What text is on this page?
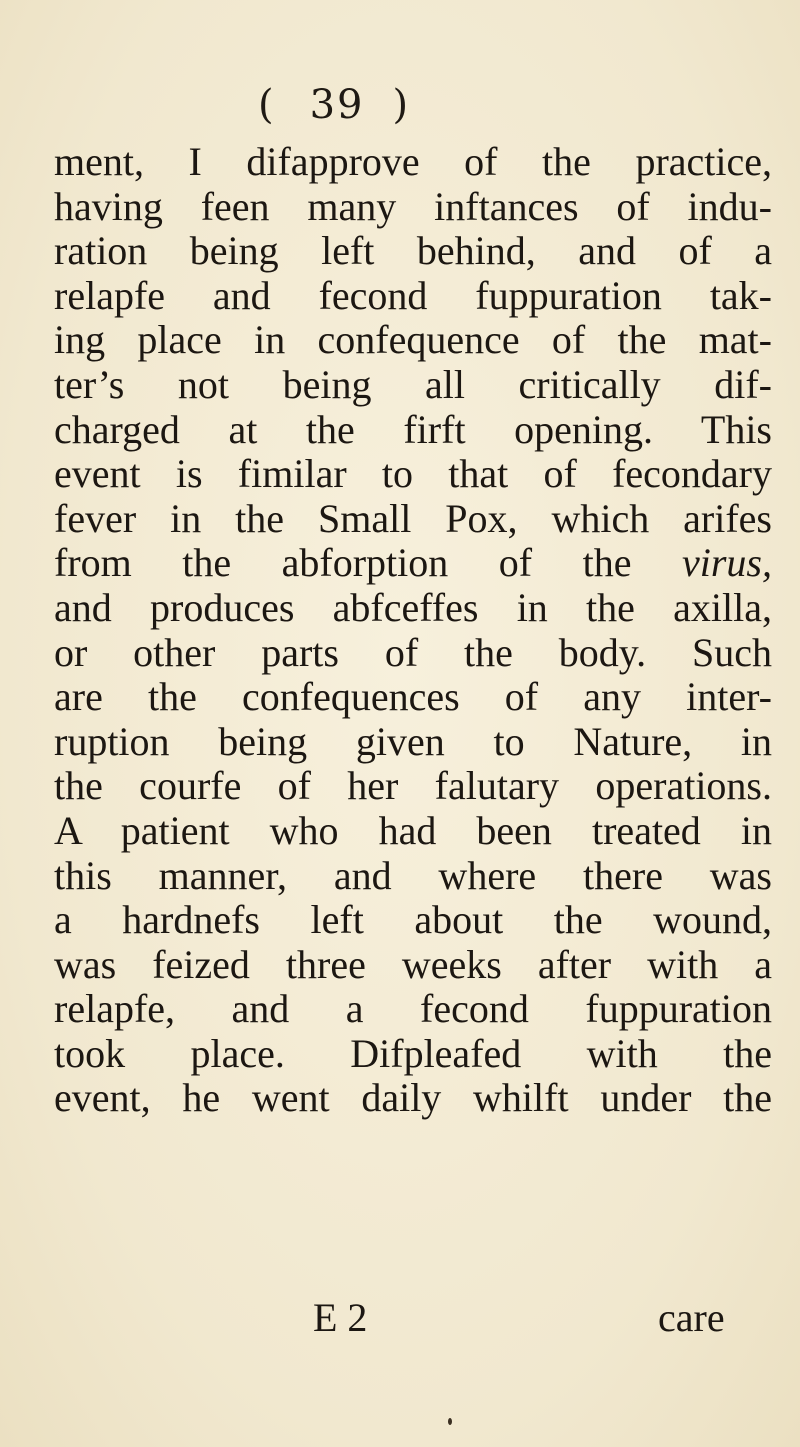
( 39 )
ment, I difapprove of the practice,
having feen many inftances of indu-
ration being left behind, and of a
relapfe and fecond fuppuration tak-
ing place in confequence of the mat-
ter’s not being all critically dif-
charged at the firft opening. This
event is fimilar to that of fecondary
fever in the Small Pox, which arifes
from the abforption of the virus,
and produces abfceffes in the axilla,
or other parts of the body. Such
are the confequences of any inter-
ruption being given to Nature, in
the courfe of her falutary operations.
A patient who had been treated in
this manner, and where there was
a hardnefs left about the wound,
was feized three weeks after with a
relapfe, and a fecond fuppuration
took place. Difpleafed with the
event, he went daily whilft under the
E 2	care
